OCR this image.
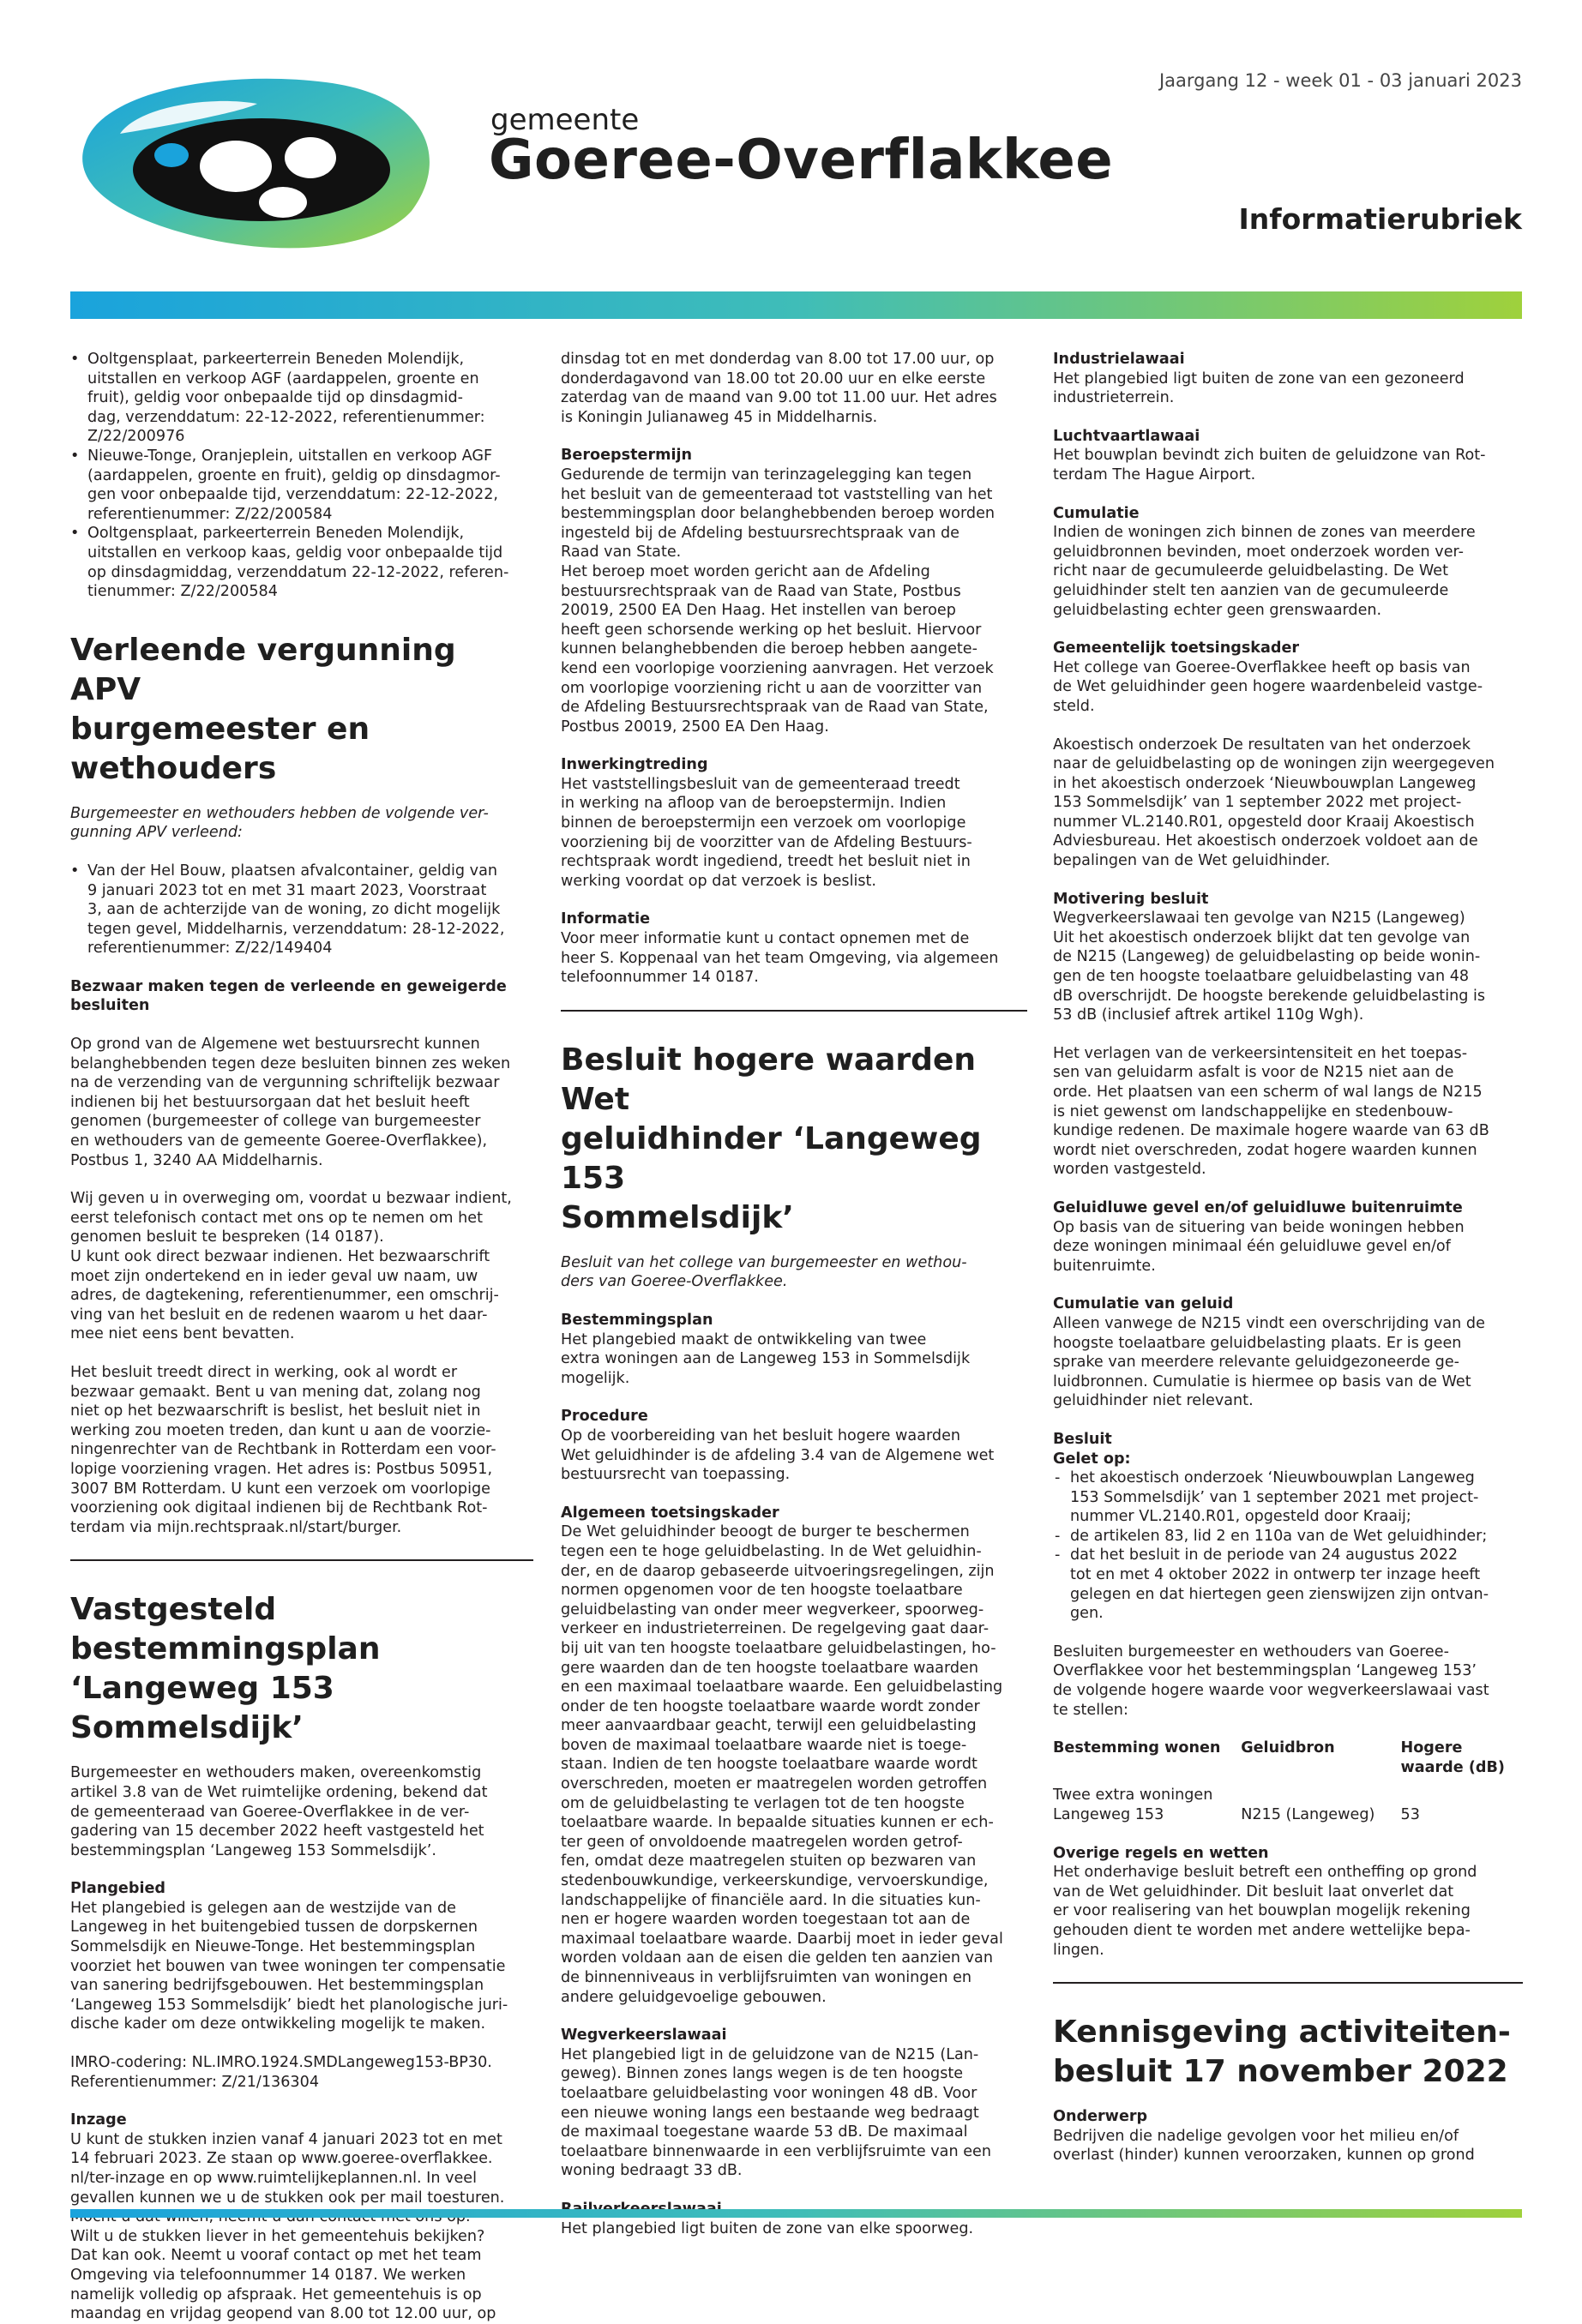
gemeente
Goeree-Overflakkee
Jaargang 12 - week 01 - 03 januari 2023
Informatierubriek
• Ooltgensplaat, parkeerterrein Beneden Molendijk,
uitstallen en verkoop AGF (aardappelen, groente en
fruit), geldig voor onbepaalde tijd op dinsdagmid-
dag, verzenddatum: 22-12-2022, referentienummer:
Z/22/200976
• Nieuwe-Tonge, Oranjeplein, uitstallen en verkoop AGF
(aardappelen, groente en fruit), geldig op dinsdagmor-
gen voor onbepaalde tijd, verzenddatum: 22-12-2022,
referentienummer: Z/22/200584
• Ooltgensplaat, parkeerterrein Beneden Molendijk,
uitstallen en verkoop kaas, geldig voor onbepaalde tijd
op dinsdagmiddag, verzenddatum 22-12-2022, referen-
tienummer: Z/22/200584
Verleende vergunning APV
burgemeester en wethouders

Burgemeester en wethouders hebben de volgende ver-
gunning APV verleend:

• Van der Hel Bouw, plaatsen afvalcontainer, geldig van
9 januari 2023 tot en met 31 maart 2023, Voorstraat
3, aan de achterzijde van de woning, zo dicht mogelijk
tegen gevel, Middelharnis, verzenddatum: 28-12-2022,
referentienummer: Z/22/149404

Bezwaar maken tegen de verleende en geweigerde
besluiten

Op grond van de Algemene wet bestuursrecht kunnen
belanghebbenden tegen deze besluiten binnen zes weken
na de verzending van de vergunning schriftelijk bezwaar
indienen bij het bestuursorgaan dat het besluit heeft
genomen (burgemeester of college van burgemeester
en wethouders van de gemeente Goeree-Overflakkee),
Postbus 1, 3240 AA Middelharnis.

Wij geven u in overweging om, voordat u bezwaar indient,
eerst telefonisch contact met ons op te nemen om het
genomen besluit te bespreken (14 0187).
U kunt ook direct bezwaar indienen. Het bezwaarschrift
moet zijn ondertekend en in ieder geval uw naam, uw
adres, de dagtekening, referentienummer, een omschrij-
ving van het besluit en de redenen waarom u het daar-
mee niet eens bent bevatten.

Het besluit treedt direct in werking, ook al wordt er
bezwaar gemaakt. Bent u van mening dat, zolang nog
niet op het bezwaarschrift is beslist, het besluit niet in
werking zou moeten treden, dan kunt u aan de voorzie-
ningenrechter van de Rechtbank in Rotterdam een voor-
lopige voorziening vragen. Het adres is: Postbus 50951,
3007 BM Rotterdam. U kunt een verzoek om voorlopige
voorziening ook digitaal indienen bij de Rechtbank Rot-
terdam via mijn.rechtspraak.nl/start/burger.

Vastgesteld bestemmingsplan
‘Langeweg 153 Sommelsdijk’

Burgemeester en wethouders maken, overeenkomstig
artikel 3.8 van de Wet ruimtelijke ordening, bekend dat
de gemeenteraad van Goeree-Overflakkee in de ver-
gadering van 15 december 2022 heeft vastgesteld het
bestemmingsplan ‘Langeweg 153 Sommelsdijk’.

Plangebied

Het plangebied is gelegen aan de westzijde van de
Langeweg in het buitengebied tussen de dorpskernen
Sommelsdijk en Nieuwe-Tonge. Het bestemmingsplan
voorziet het bouwen van twee woningen ter compensatie
van sanering bedrijfsgebouwen. Het bestemmingsplan
‘Langeweg 153 Sommelsdijk’ biedt het planologische juri-
dische kader om deze ontwikkeling mogelijk te maken.

IMRO-codering: NL.IMRO.1924.SMDLangeweg153-BP30.
Referentienummer: Z/21/136304

Inzage

U kunt de stukken inzien vanaf 4 januari 2023 tot en met
14 februari 2023. Ze staan op www.goeree-overflakkee.
nl/ter-inzage en op www.ruimtelijkeplannen.nl. In veel
gevallen kunnen we u de stukken ook per mail toesturen.

Wilt u de stukken liever in het gemeentehuis bekijken?
Dat kan ook. Neemt u vooraf contact op met het team
Omgeving via telefoonnummer 14 0187. We werken
namelijk volledig op afspraak. Het gemeentehuis is op
maandag en vrijdag geopend van 8.00 tot 12.00 uur, op

dinsdag tot en met donderdag van 8.00 tot 17.00 uur, op
donderdagavond van 18.00 tot 20.00 uur en elke eerste
zaterdag van de maand van 9.00 tot 11.00 uur. Het adres
is Koningin Julianaweg 45 in Middelharnis.

Beroepstermijn

Gedurende de termijn van terinzagelegging kan tegen
het besluit van de gemeenteraad tot vaststelling van het
bestemmingsplan door belanghebbenden beroep worden
ingesteld bij de Afdeling bestuursrechtspraak van de
Raad van State.
Het beroep moet worden gericht aan de Afdeling
bestuursrechtspraak van de Raad van State, Postbus
20019, 2500 EA Den Haag. Het instellen van beroep
heeft geen schorsende werking op het besluit. Hiervoor
kunnen belanghebbenden die beroep hebben aangete-
kend een voorlopige voorziening aanvragen. Het verzoek
om voorlopige voorziening richt u aan de voorzitter van
de Afdeling Bestuursrechtspraak van de Raad van State,
Postbus 20019, 2500 EA Den Haag.

Inwerkingtreding

Het vaststellingsbesluit van de gemeenteraad treedt
in werking na afloop van de beroepstermijn. Indien
binnen de beroepstermijn een verzoek om voorlopige
voorziening bij de voorzitter van de Afdeling Bestuurs-
rechtspraak wordt ingediend, treedt het besluit niet in
werking voordat op dat verzoek is beslist.

Informatie

Voor meer informatie kunt u contact opnemen met de
heer S. Koppenaal van het team Omgeving, via algemeen
telefoonnummer 14 0187.

Besluit hogere waarden Wet
geluidhinder ‘Langeweg 153
Sommelsdijk’

Besluit van het college van burgemeester en wethou-
ders van Goeree-Overflakkee.

Bestemmingsplan

Het plangebied maakt de ontwikkeling van twee
extra woningen aan de Langeweg 153 in Sommelsdijk
mogelijk.

Procedure

Op de voorbereiding van het besluit hogere waarden
Wet geluidhinder is de afdeling 3.4 van de Algemene wet
bestuursrecht van toepassing.

Algemeen toetsingskader

De Wet geluidhinder beoogt de burger te beschermen
tegen een te hoge geluidbelasting. In de Wet geluidhin-
der, en de daarop gebaseerde uitvoeringsregelingen, zijn
normen opgenomen voor de ten hoogste toelaatbare
geluidbelasting van onder meer wegverkeer, spoorweg-
verkeer en industrieterreinen. De regelgeving gaat daar-
bij uit van ten hoogste toelaatbare geluidbelastingen, ho-
gere waarden dan de ten hoogste toelaatbare waarden
en een maximaal toelaatbare waarde. Een geluidbelasting
onder de ten hoogste toelaatbare waarde wordt zonder
meer aanvaardbaar geacht, terwijl een geluidbelasting
boven de maximaal toelaatbare waarde niet is toege-
staan. Indien de ten hoogste toelaatbare waarde wordt
overschreden, moeten er maatregelen worden getroffen
om de geluidbelasting te verlagen tot de ten hoogste
toelaatbare waarde. In bepaalde situaties kunnen er ech-
ter geen of onvoldoende maatregelen worden getrof-
fen, omdat deze maatregelen stuiten op bezwaren van
stedenbouwkundige, verkeerskundige, vervoerskundige,
landschappelijke of financiële aard. In die situaties kun-
nen er hogere waarden worden toegestaan tot aan de
maximaal toelaatbare waarde. Daarbij moet in ieder geval
worden voldaan aan de eisen die gelden ten aanzien van
de binnenniveaus in verblijfsruimten van woningen en
andere geluidgevoelige gebouwen.

Wegverkeerslawaai

Het plangebied ligt in de geluidzone van de N215 (Lan-
geweg). Binnen zones langs wegen is de ten hoogste
toelaatbare geluidbelasting voor woningen 48 dB. Voor
een nieuwe woning langs een bestaande weg bedraagt
de maximaal toegestane waarde 53 dB. De maximaal
toelaatbare binnenwaarde in een verblijfsruimte van een
woning bedraagt 33 dB.

Het plangebied ligt buiten de zone van elke spoorweg.

Industrielawaai

Het plangebied ligt buiten de zone van een gezoneerd
industrieterrein.

Luchtvaartlawaai

Het bouwplan bevindt zich buiten de geluidzone van Rot-
terdam The Hague Airport.

Cumulatie

Indien de woningen zich binnen de zones van meerdere
geluidbronnen bevinden, moet onderzoek worden ver-
richt naar de gecumuleerde geluidbelasting. De Wet
geluidhinder stelt ten aanzien van de gecumuleerde
geluidbelasting echter geen grenswaarden.

Gemeentelijk toetsingskader

Het college van Goeree-Overflakkee heeft op basis van
de Wet geluidhinder geen hogere waardenbeleid vastge-
steld.

Akoestisch onderzoek De resultaten van het onderzoek
naar de geluidbelasting op de woningen zijn weergegeven
in het akoestisch onderzoek ‘Nieuwbouwplan Langeweg
153 Sommelsdijk’ van 1 september 2022 met project-
nummer VL.2140.R01, opgesteld door Kraaij Akoestisch
Adviesbureau. Het akoestisch onderzoek voldoet aan de
bepalingen van de Wet geluidhinder.

Motivering besluit

Wegverkeerslawaai ten gevolge van N215 (Langeweg)
Uit het akoestisch onderzoek blijkt dat ten gevolge van
de N215 (Langeweg) de geluidbelasting op beide wonin-
gen de ten hoogste toelaatbare geluidbelasting van 48
dB overschrijdt. De hoogste berekende geluidbelasting is
53 dB (inclusief aftrek artikel 110g Wgh).

Het verlagen van de verkeersintensiteit en het toepas-
sen van geluidarm asfalt is voor de N215 niet aan de
orde. Het plaatsen van een scherm of wal langs de N215
is niet gewenst om landschappelijke en stedenbouw-
kundige redenen. De maximale hogere waarde van 63 dB
wordt niet overschreden, zodat hogere waarden kunnen
worden vastgesteld.

Geluidluwe gevel en/of geluidluwe buitenruimte

Op basis van de situering van beide woningen hebben
deze woningen minimaal één geluidluwe gevel en/of
buitenruimte.

Cumulatie van geluid

Alleen vanwege de N215 vindt een overschrijding van de
hoogste toelaatbare geluidbelasting plaats. Er is geen
sprake van meerdere relevante geluidgezoneerde ge-
luidbronnen. Cumulatie is hiermee op basis van de Wet
geluidhinder niet relevant.

Besluit

Gelet op:

- het akoestisch onderzoek ‘Nieuwbouwplan Langeweg
153 Sommelsdijk’ van 1 september 2021 met project-
nummer VL.2140.R01, opgesteld door Kraaij;
- de artikelen 83, lid 2 en 110a van de Wet geluidhinder;
- dat het besluit in de periode van 24 augustus 2022
tot en met 4 oktober 2022 in ontwerp ter inzage heeft
gelegen en dat hiertegen geen zienswijzen zijn ontvan-
gen.

Besluiten burgemeester en wethouders van Goeree-
Overflakkee voor het bestemmingsplan ‘Langeweg 153’
de volgende hogere waarde voor wegverkeerslawaai vast
te stellen:

Bestemming wonen	Geluidbron	Hogere
waarde (dB)
Twee extra woningen
Langeweg 153	N215 (Langeweg)	53

Overige regels en wetten

Het onderhavige besluit betreft een ontheffing op grond
van de Wet geluidhinder. Dit besluit laat onverlet dat
er voor realisering van het bouwplan mogelijk rekening
gehouden dient te worden met andere wettelijke bepa-
lingen.

Kennisgeving activiteiten-
besluit 17 november 2022

Onderwerp

Bedrijven die nadelige gevolgen voor het milieu en/of
overlast (hinder) kunnen veroorzaken, kunnen op grond
